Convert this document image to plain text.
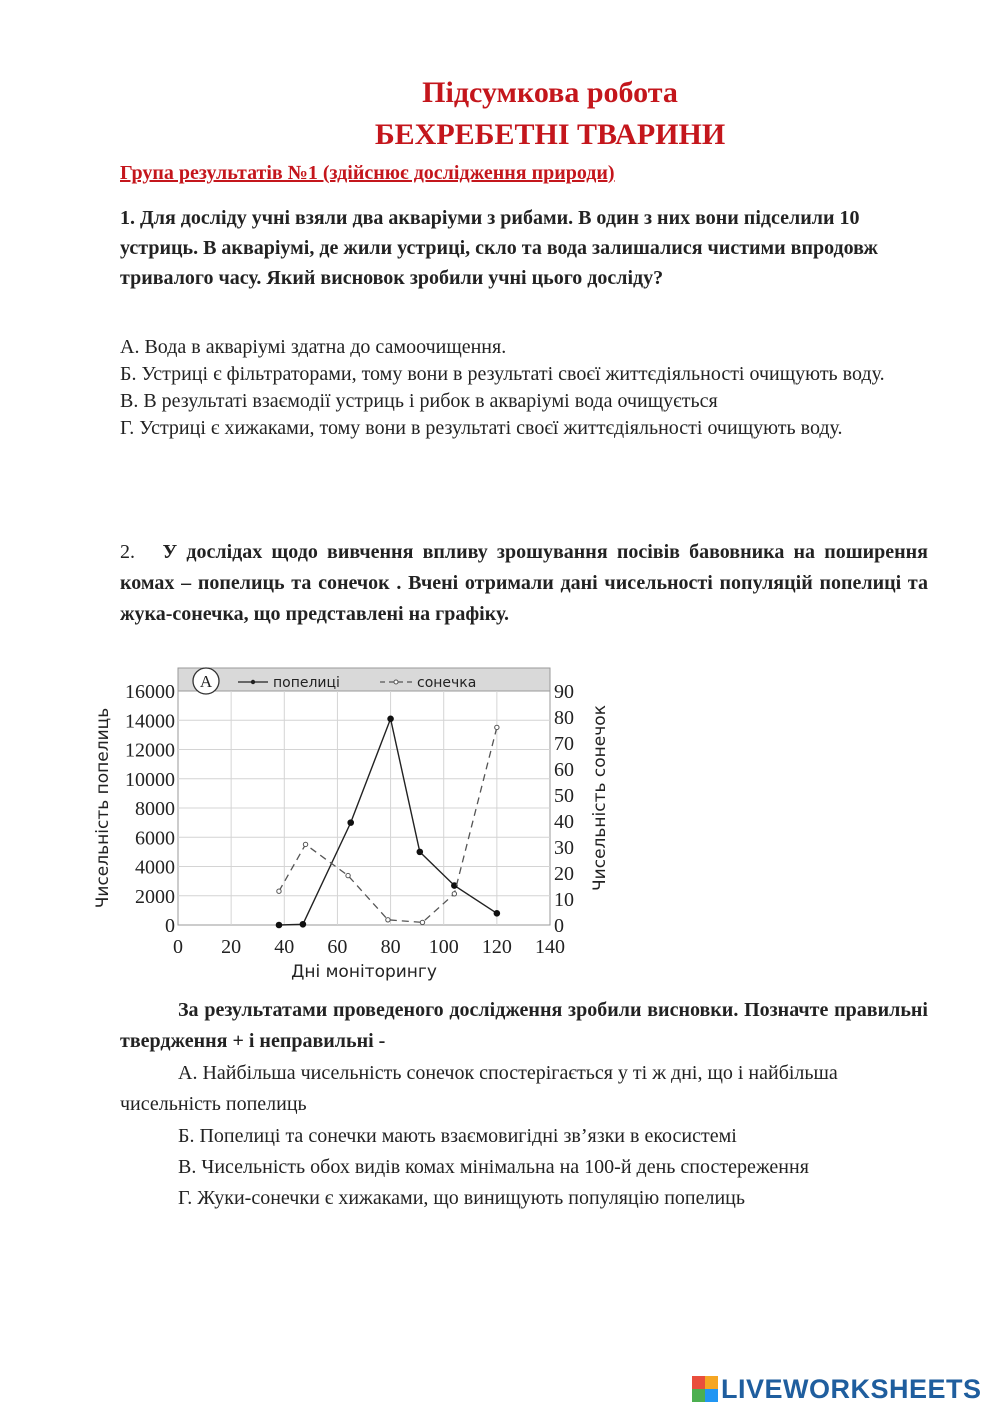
Підсумкова робота
БЕХРЕБЕТНІ ТВАРИНИ
Група результатів №1 (здійснює дослідження природи)
1. Для досліду учні взяли два акваріуми з рибами. В один з них вони підселили 10 устриць. В акваріумі, де жили устриці, скло та вода залишалися чистими впродовж тривалого часу. Який висновок зробили учні цього досліду?
А. Вода в акваріумі здатна до самоочищення.
Б. Устриці є фільтраторами, тому вони в результаті своєї життєдіяльності очищують воду.
В. В результаті взаємодії устриць і рибок в акваріумі вода очищується
Г. Устриці є хижаками, тому вони в результаті своєї життєдіяльності очищують воду.
2. У дослідах щодо вивчення впливу зрошування посівів бавовника на поширення комах – попелиць та сонечок . Вчені отримали дані чисельності популяцій попелиці та жука-сонечка, що представлені на графіку.
0 20 40 60 80 100 120 140
0
2000
4000
6000
8000
10000
12000
14000
16000
0
10
20
30
40
50
60
70
80
90
Дні моніторингу
Чисельність попелиць	Чисельність сонечок
A	попелиці	сонечка
За результатами проведеного дослідження зробили висновки. Позначте правильні твердження + і неправильні -
А. Найбільша чисельність сонечок спостерігається у ті ж дні, що і найбільша чисельність попелиць
Б. Попелиці та сонечки мають взаємовигідні зв’язки в екосистемі
В. Чисельність обох видів комах мінімальна на 100-й день спостереження
Г. Жуки-сонечки є хижаками, що винищують популяцію попелиць
LIVEWORKSHEETS
